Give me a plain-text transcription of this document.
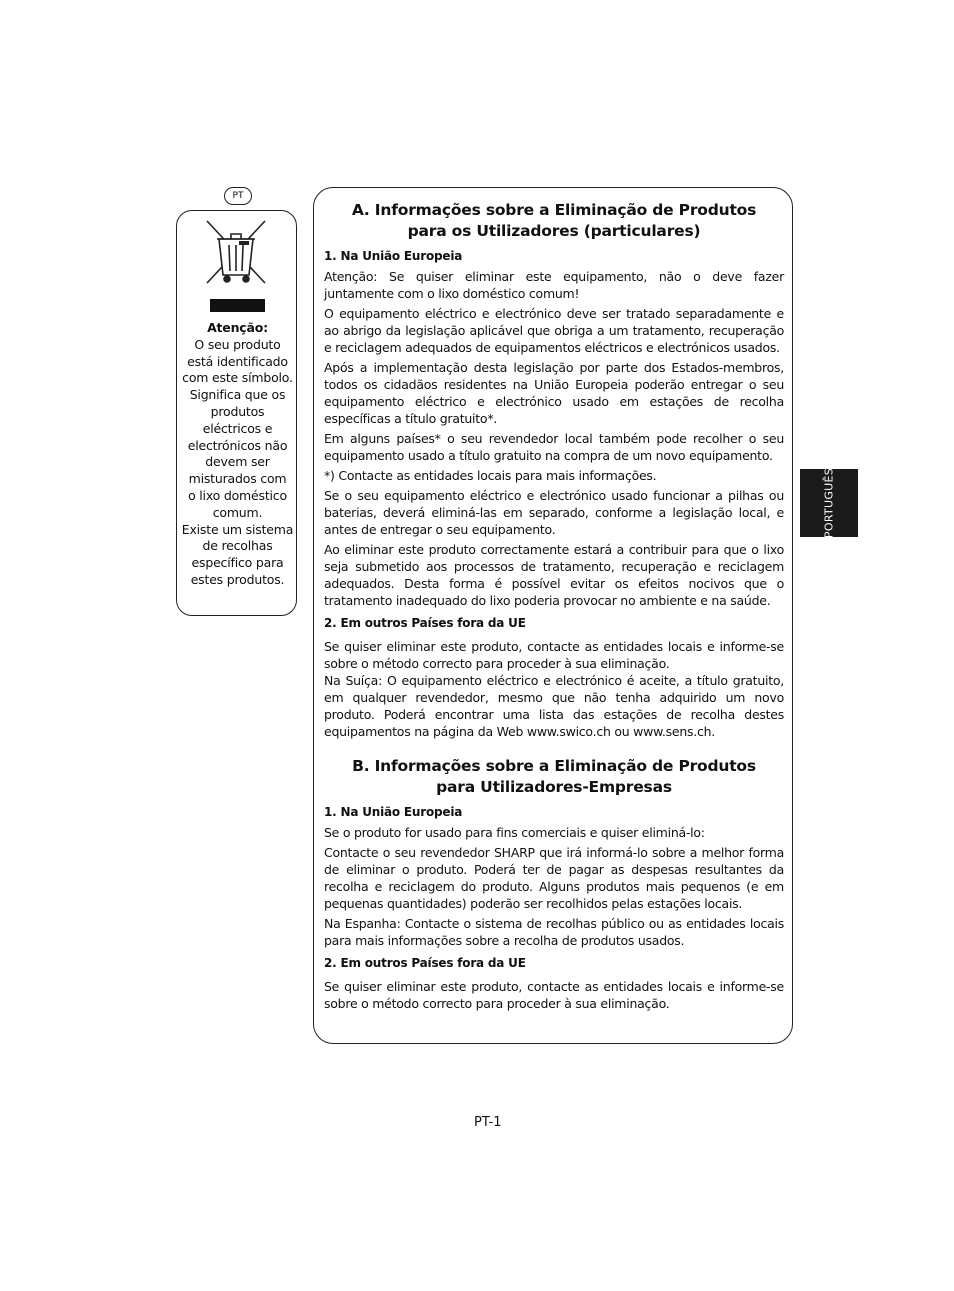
PT
Atenção:
O seu produto
está identificado
com este símbolo.
Significa que os
produtos
eléctricos e
electrónicos não
devem ser
misturados com
o lixo doméstico
comum.
Existe um sistema
de recolhas
específico para
estes produtos.
A. Informações sobre a Eliminação de Produtos
para os Utilizadores (particulares)
1. Na União Europeia

Atenção: Se quiser eliminar este equipamento, não o deve fazer juntamente com o lixo doméstico comum!

O equipamento eléctrico e electrónico deve ser tratado separadamente e ao abrigo da legislação aplicável que obriga a um tratamento, recuperação e reciclagem adequados de equipamentos eléctricos e electrónicos usados.

Após a implementação desta legislação por parte dos Estados-membros, todos os cidadãos residentes na União Europeia poderão entregar o seu equipamento eléctrico e electrónico usado em estações de recolha específicas a título gratuito*.

Em alguns países* o seu revendedor local também pode recolher o seu equipamento usado a título gratuito na compra de um novo equipamento.

*) Contacte as entidades locais para mais informações.

Se o seu equipamento eléctrico e electrónico usado funcionar a pilhas ou baterias, deverá eliminá-las em separado, conforme a legislação local, e antes de entregar o seu equipamento.

Ao eliminar este produto correctamente estará a contribuir para que o lixo seja submetido aos processos de tratamento, recuperação e reciclagem adequados. Desta forma é possível evitar os efeitos nocivos que o tratamento inadequado do lixo poderia provocar no ambiente e na saúde.

2. Em outros Países fora da UE

Se quiser eliminar este produto, contacte as entidades locais e informe-se sobre o método correcto para proceder à sua eliminação.

Na Suíça: O equipamento eléctrico e electrónico é aceite, a título gratuito, em qualquer revendedor, mesmo que não tenha adquirido um novo produto. Poderá encontrar uma lista das estações de recolha destes equipamentos na página da Web www.swico.ch ou www.sens.ch.

B. Informações sobre a Eliminação de Produtos
para Utilizadores-Empresas
1. Na União Europeia

Se o produto for usado para fins comerciais e quiser eliminá-lo:

Contacte o seu revendedor SHARP que irá informá-lo sobre a melhor forma de eliminar o produto. Poderá ter de pagar as despesas resultantes da recolha e reciclagem do produto. Alguns produtos mais pequenos (e em pequenas quantidades) poderão ser recolhidos pelas estações locais.

Na Espanha: Contacte o sistema de recolhas público ou as entidades locais para mais informações sobre a recolha de produtos usados.

2. Em outros Países fora da UE

Se quiser eliminar este produto, contacte as entidades locais e informe-se sobre o método correcto para proceder à sua eliminação.

PORTUGUÊS
PT-1
